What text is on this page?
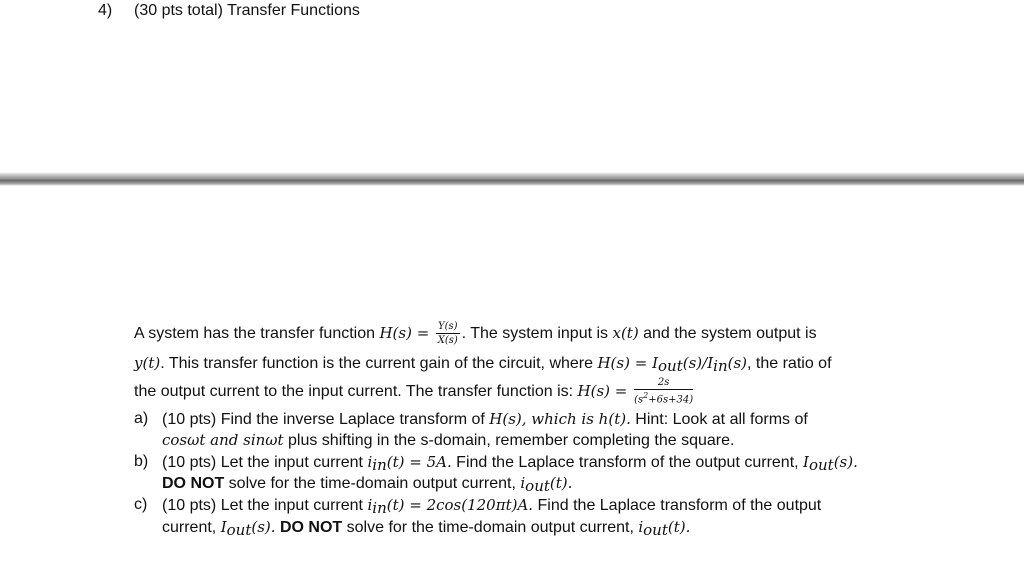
4) (30 pts total) Transfer Functions
A system has the transfer function $H(s) = \frac{Y(s)}{X(s)}$ . The system input is x(t) and the system output is
y(t). This transfer function is the current gain of the circuit, where $H(s) = I_{out}(s)/I_{in}(s)$, the ratio of
the output current to the input current. The transfer function is: $H(s) = \frac{2s}{(s^2+6s+34)}$
a) (10 pts) Find the inverse Laplace transform of H(s), which is h(t). Hint: Look at all forms of
cosωt and sinωt plus shifting in the s-domain, remember completing the square.
b) (10 pts) Let the input current $i_{in}(t) = 5A$. Find the Laplace transform of the output current, $I_{out}(s)$.
DO NOT solve for the time-domain output current, $i_{out}(t)$.
c) (10 pts) Let the input current $i_{in}(t) = 2\cos(120\pi t)A$. Find the Laplace transform of the output
current, $I_{out}(s)$. DO NOT solve for the time-domain output current, $i_{out}(t)$.
